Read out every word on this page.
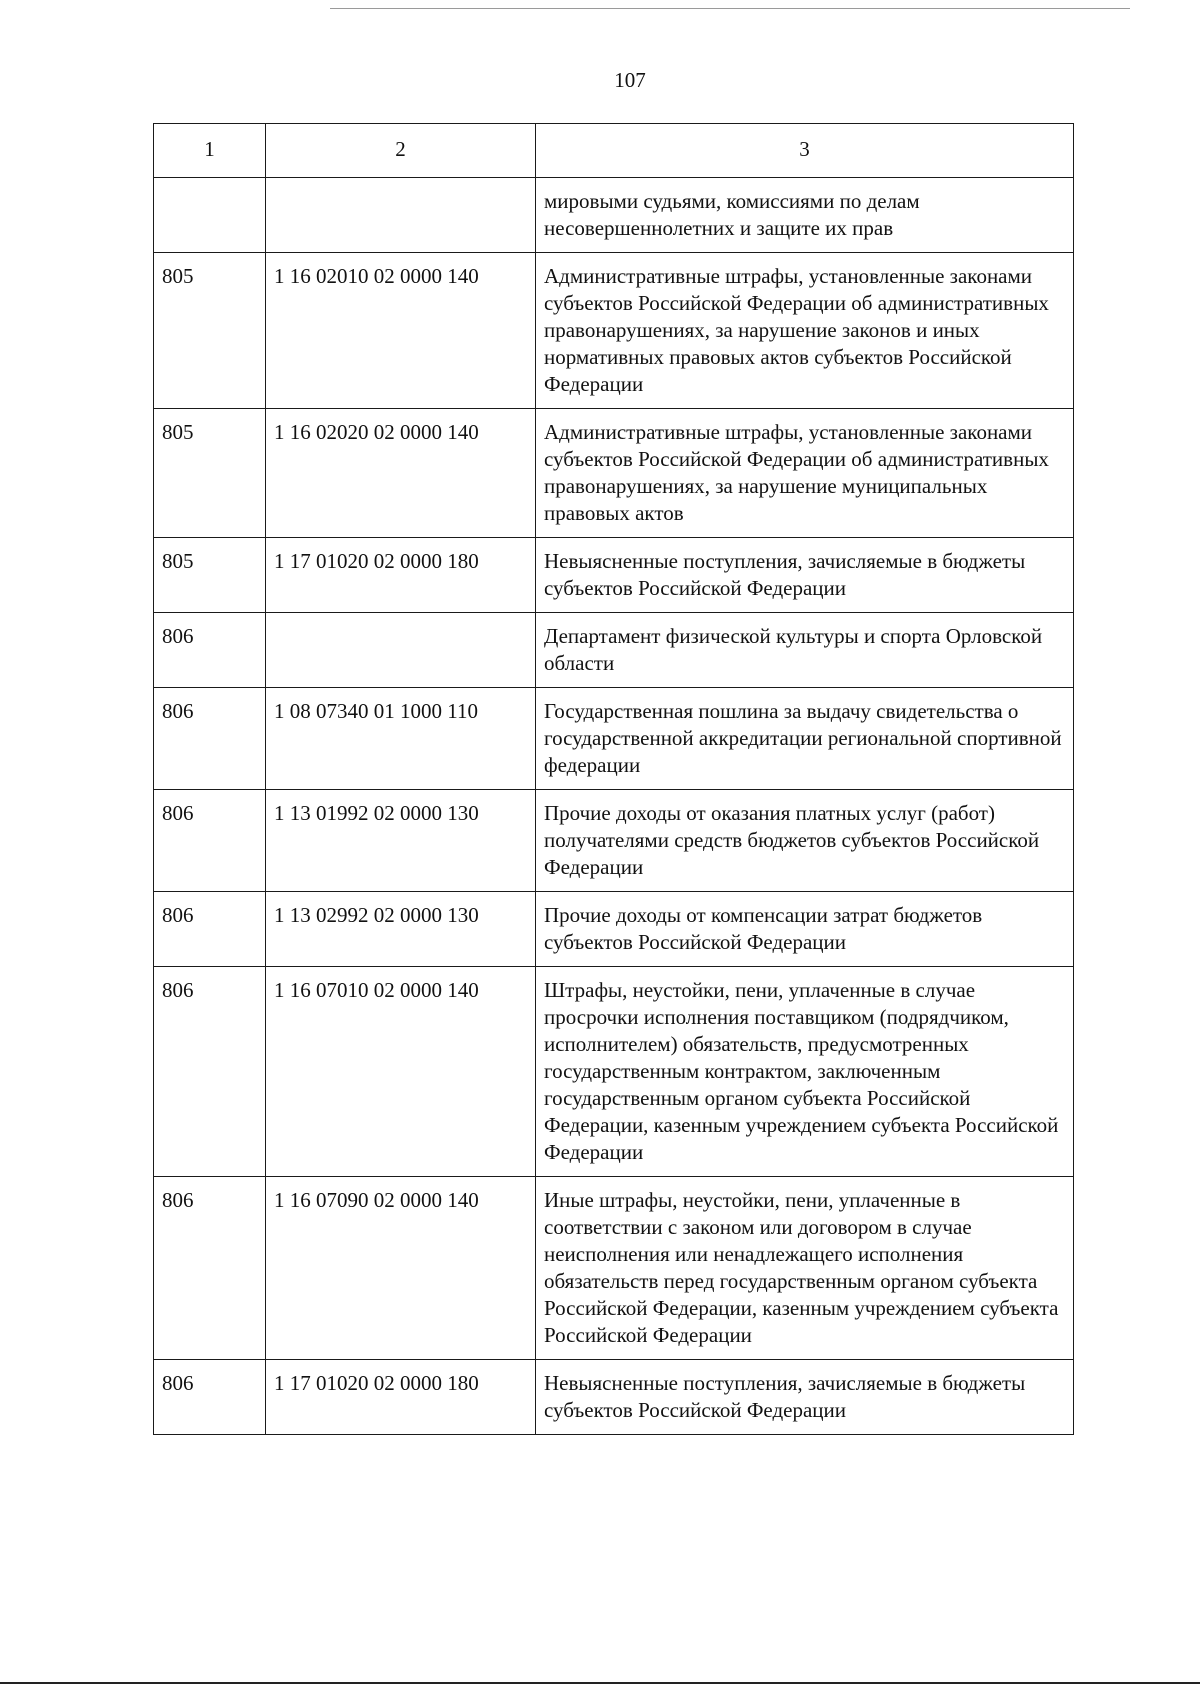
107
1	2	3
		мировыми судьями, комиссиями по делам несовершеннолетних и защите их прав
805	1 16 02010 02 0000 140	Административные штрафы, установленные законами субъектов Российской Федерации об административных правонарушениях, за нарушение законов и иных нормативных правовых актов субъектов Российской Федерации
805	1 16 02020 02 0000 140	Административные штрафы, установленные законами субъектов Российской Федерации об административных правонарушениях, за нарушение муниципальных правовых актов
805	1 17 01020 02 0000 180	Невыясненные поступления, зачисляемые в бюджеты субъектов Российской Федерации
806		Департамент физической культуры и спорта Орловской области
806	1 08 07340 01 1000 110	Государственная пошлина за выдачу свидетельства о государственной аккредитации региональной спортивной федерации
806	1 13 01992 02 0000 130	Прочие доходы от оказания платных услуг (работ) получателями средств бюджетов субъектов Российской Федерации
806	1 13 02992 02 0000 130	Прочие доходы от компенсации затрат бюджетов субъектов Российской Федерации
806	1 16 07010 02 0000 140	Штрафы, неустойки, пени, уплаченные в случае просрочки исполнения поставщиком (подрядчиком, исполнителем) обязательств, предусмотренных государственным контрактом, заключенным государственным органом субъекта Российской Федерации, казенным учреждением субъекта Российской Федерации
806	1 16 07090 02 0000 140	Иные штрафы, неустойки, пени, уплаченные в соответствии с законом или договором в случае неисполнения или ненадлежащего исполнения обязательств перед государственным органом субъекта Российской Федерации, казенным учреждением субъекта Российской Федерации
806	1 17 01020 02 0000 180	Невыясненные поступления, зачисляемые в бюджеты субъектов Российской Федерации
